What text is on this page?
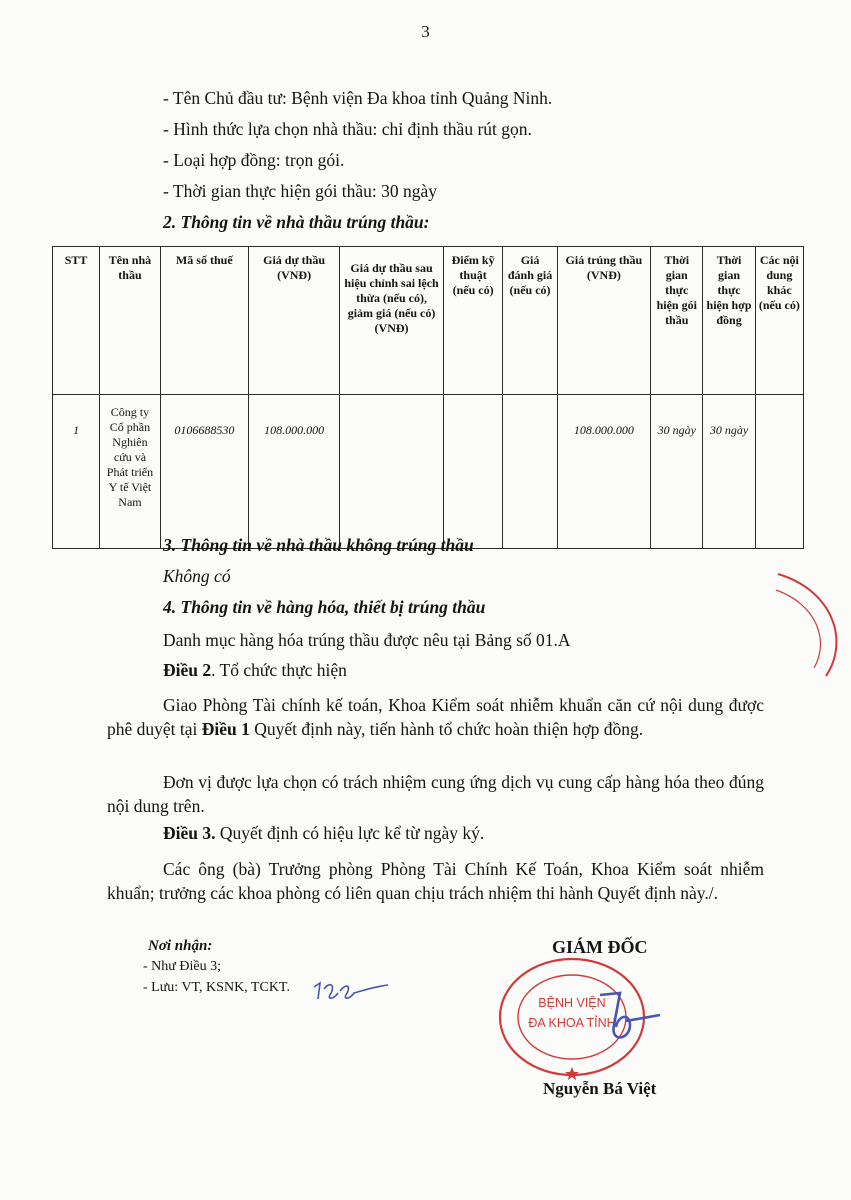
3
- Tên Chủ đầu tư: Bệnh viện Đa khoa tỉnh Quảng Ninh.
- Hình thức lựa chọn nhà thầu: chỉ định thầu rút gọn.
- Loại hợp đồng: trọn gói.
- Thời gian thực hiện gói thầu: 30 ngày
2. Thông tin về nhà thầu trúng thầu:
STT	Tên nhà thầu	Mã số thuế	Giá dự thầu (VNĐ)	Giá dự thầu sau hiệu chỉnh sai lệch thừa (nếu có), giảm giá (nếu có) (VNĐ)	Điểm kỹ thuật (nếu có)	Giá đánh giá (nếu có)	Giá trúng thầu (VNĐ)	Thời gian thực hiện gói thầu	Thời gian thực hiện hợp đồng	Các nội dung khác (nếu có)
1	Công ty Cổ phần Nghiên cứu và Phát triển Y tế Việt Nam	0106688530	108.000.000				108.000.000	30 ngày	30 ngày	
3. Thông tin về nhà thầu không trúng thầu
Không có
4. Thông tin về hàng hóa, thiết bị trúng thầu
Danh mục hàng hóa trúng thầu được nêu tại Bảng số 01.A
Điều 2. Tổ chức thực hiện
Giao Phòng Tài chính kế toán, Khoa Kiểm soát nhiễm khuẩn căn cứ nội dung được phê duyệt tại Điều 1 Quyết định này, tiến hành tổ chức hoàn thiện hợp đồng.
Đơn vị được lựa chọn có trách nhiệm cung ứng dịch vụ cung cấp hàng hóa theo đúng nội dung trên.
Điều 3. Quyết định có hiệu lực kể từ ngày ký.
Các ông (bà) Trưởng phòng Phòng Tài Chính Kế Toán, Khoa Kiểm soát nhiễm khuẩn; trưởng các khoa phòng có liên quan chịu trách nhiệm thi hành Quyết định này./.
Nơi nhận:
- Như Điều 3;
- Lưu: VT, KSNK, TCKT.
GIÁM ĐỐC
BỆNH VIỆN
ĐA KHOA TỈNH
Nguyễn Bá Việt
